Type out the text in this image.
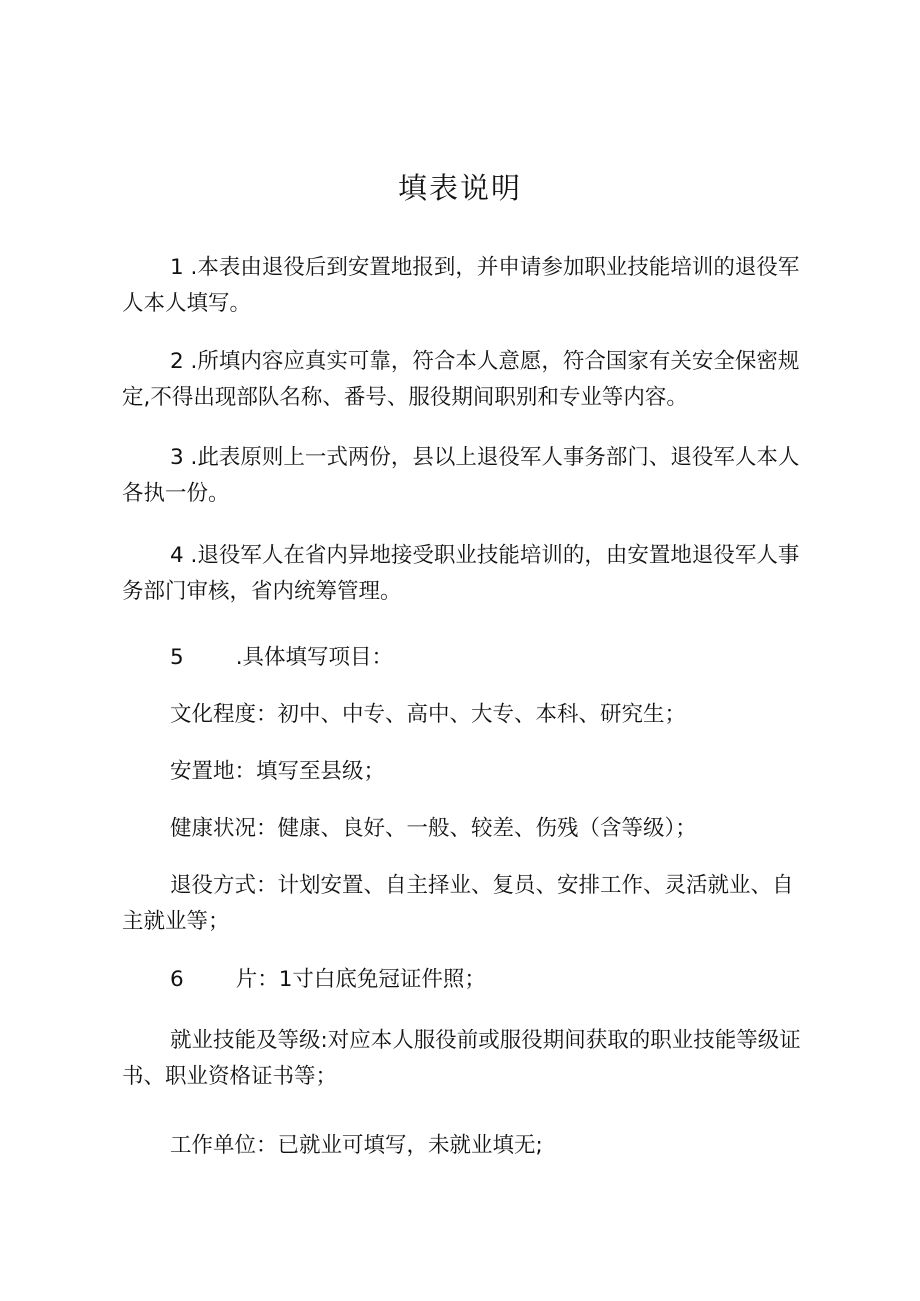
填表说明
1 .本表由退役后到安置地报到，并申请参加职业技能培训的退役军人本人填写。
2 .所填内容应真实可靠，符合本人意愿，符合国家有关安全保密规定,不得出现部队名称、番号、服役期间职别和专业等内容。
3 .此表原则上一式两份，县以上退役军人事务部门、退役军人本人各执一份。
4 .退役军人在省内异地接受职业技能培训的，由安置地退役军人事务部门审核，省内统筹管理。
5 .具体填写项目：
文化程度：初中、中专、高中、大专、本科、研究生；
安置地：填写至县级；
健康状况：健康、良好、一般、较差、伤残（含等级）；
退役方式：计划安置、自主择业、复员、安排工作、灵活就业、自主就业等；
6 片：1寸白底免冠证件照；
就业技能及等级:对应本人服役前或服役期间获取的职业技能等级证书、职业资格证书等；
工作单位：已就业可填写，未就业填无;
